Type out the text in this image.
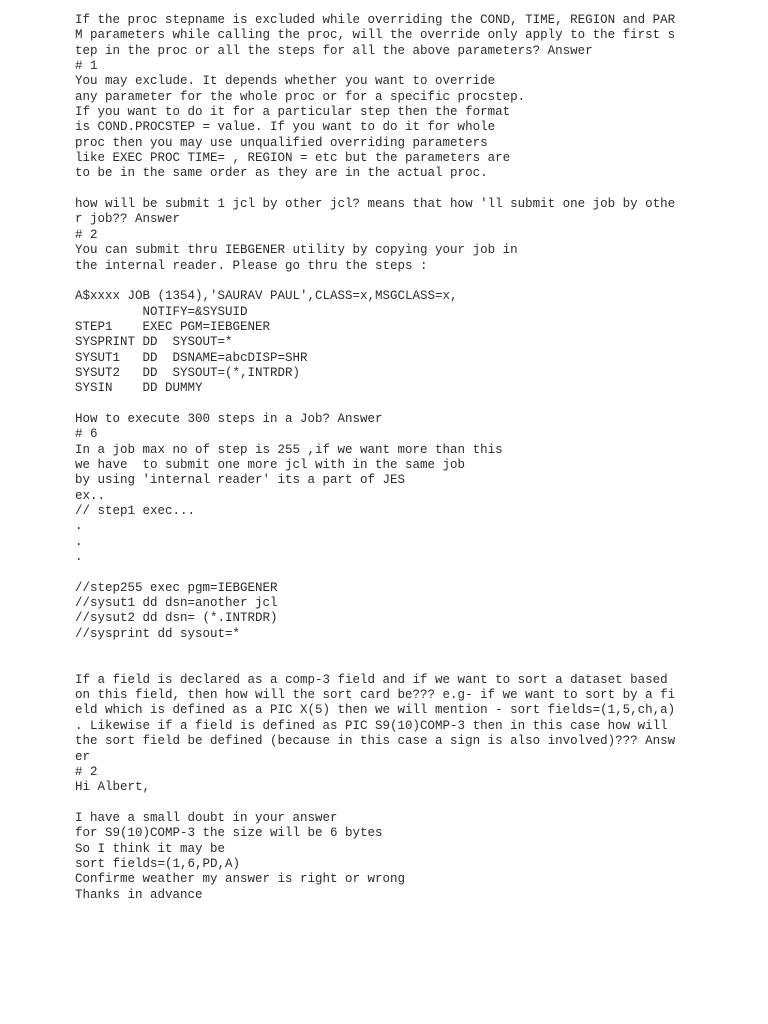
If the proc stepname is excluded while overriding the COND, TIME, REGION and PAR
M parameters while calling the proc, will the override only apply to the first s
tep in the proc or all the steps for all the above parameters? Answer
# 1
You may exclude. It depends whether you want to override
any parameter for the whole proc or for a specific procstep.
If you want to do it for a particular step then the format
is COND.PROCSTEP = value. If you want to do it for whole
proc then you may use unqualified overriding parameters
like EXEC PROC TIME= , REGION = etc but the parameters are
to be in the same order as they are in the actual proc.
how will be submit 1 jcl by other jcl? means that how 'll submit one job by othe
r job?? Answer
# 2
You can submit thru IEBGENER utility by copying your job in
the internal reader. Please go thru the steps :
A$xxxx JOB (1354),'SAURAV PAUL',CLASS=x,MSGCLASS=x,
NOTIFY=&SYSUID
STEP1    EXEC PGM=IEBGENER
SYSPRINT DD  SYSOUT=*
SYSUT1   DD  DSNAME=abcDISP=SHR
SYSUT2   DD  SYSOUT=(*,INTRDR)
SYSIN    DD DUMMY
How to execute 300 steps in a Job? Answer
# 6
In a job max no of step is 255 ,if we want more than this
we have  to submit one more jcl with in the same job
by using 'internal reader' its a part of JES
ex..
// step1 exec...
.
.
.
//step255 exec pgm=IEBGENER
//sysut1 dd dsn=another jcl
//sysut2 dd dsn= (*.INTRDR)
//sysprint dd sysout=*
If a field is declared as a comp-3 field and if we want to sort a dataset based
on this field, then how will the sort card be??? e.g- if we want to sort by a fi
eld which is defined as a PIC X(5) then we will mention - sort fields=(1,5,ch,a)
. Likewise if a field is defined as PIC S9(10)COMP-3 then in this case how will
the sort field be defined (because in this case a sign is also involved)??? Answ
er
# 2
Hi Albert,
I have a small doubt in your answer
for S9(10)COMP-3 the size will be 6 bytes
So I think it may be
sort fields=(1,6,PD,A)
Confirme weather my answer is right or wrong
Thanks in advance
